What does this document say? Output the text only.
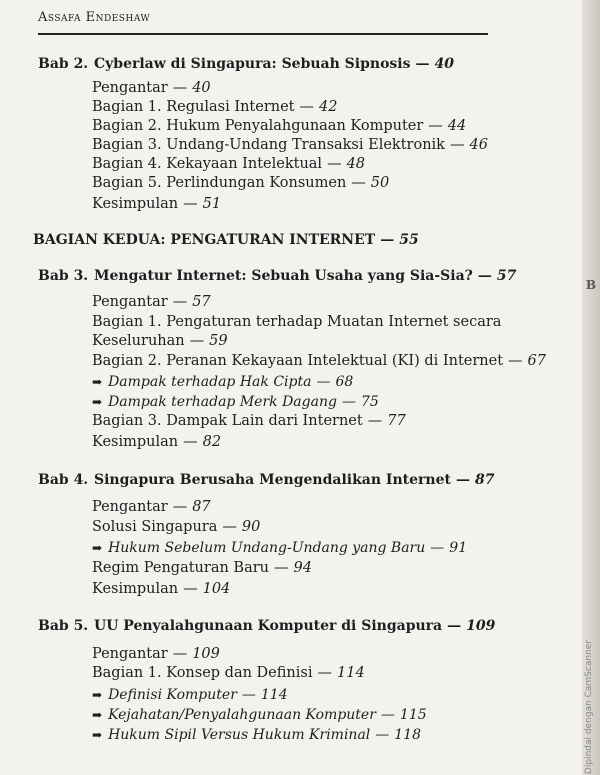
Assafa Endeshaw
Bab 2. Cyberlaw di Singapura: Sebuah Sipnosis — 40
Pengantar — 40
Bagian 1. Regulasi Internet — 42
Bagian 2. Hukum Penyalahgunaan Komputer — 44
Bagian 3. Undang-Undang Transaksi Elektronik — 46
Bagian 4. Kekayaan Intelektual — 48
Bagian 5. Perlindungan Konsumen — 50
Kesimpulan — 51
BAGIAN KEDUA: PENGATURAN INTERNET — 55
Bab 3. Mengatur Internet: Sebuah Usaha yang Sia-Sia? — 57
Pengantar — 57
Bagian 1. Pengaturan terhadap Muatan Internet secara
Keseluruhan — 59
Bagian 2. Peranan Kekayaan Intelektual (KI) di Internet — 67
➡ Dampak terhadap Hak Cipta — 68
➡ Dampak terhadap Merk Dagang — 75
Bagian 3. Dampak Lain dari Internet — 77
Kesimpulan — 82
Bab 4. Singapura Berusaha Mengendalikan Internet — 87
Pengantar — 87
Solusi Singapura — 90
➡ Hukum Sebelum Undang-Undang yang Baru — 91
Regim Pengaturan Baru — 94
Kesimpulan — 104
Bab 5. UU Penyalahgunaan Komputer di Singapura — 109
Pengantar — 109
Bagian 1. Konsep dan Definisi — 114
➡ Definisi Komputer — 114
➡ Kejahatan/Penyalahgunaan Komputer — 115
➡ Hukum Sipil Versus Hukum Kriminal — 118
B
Dipindai dengan CamScanner
